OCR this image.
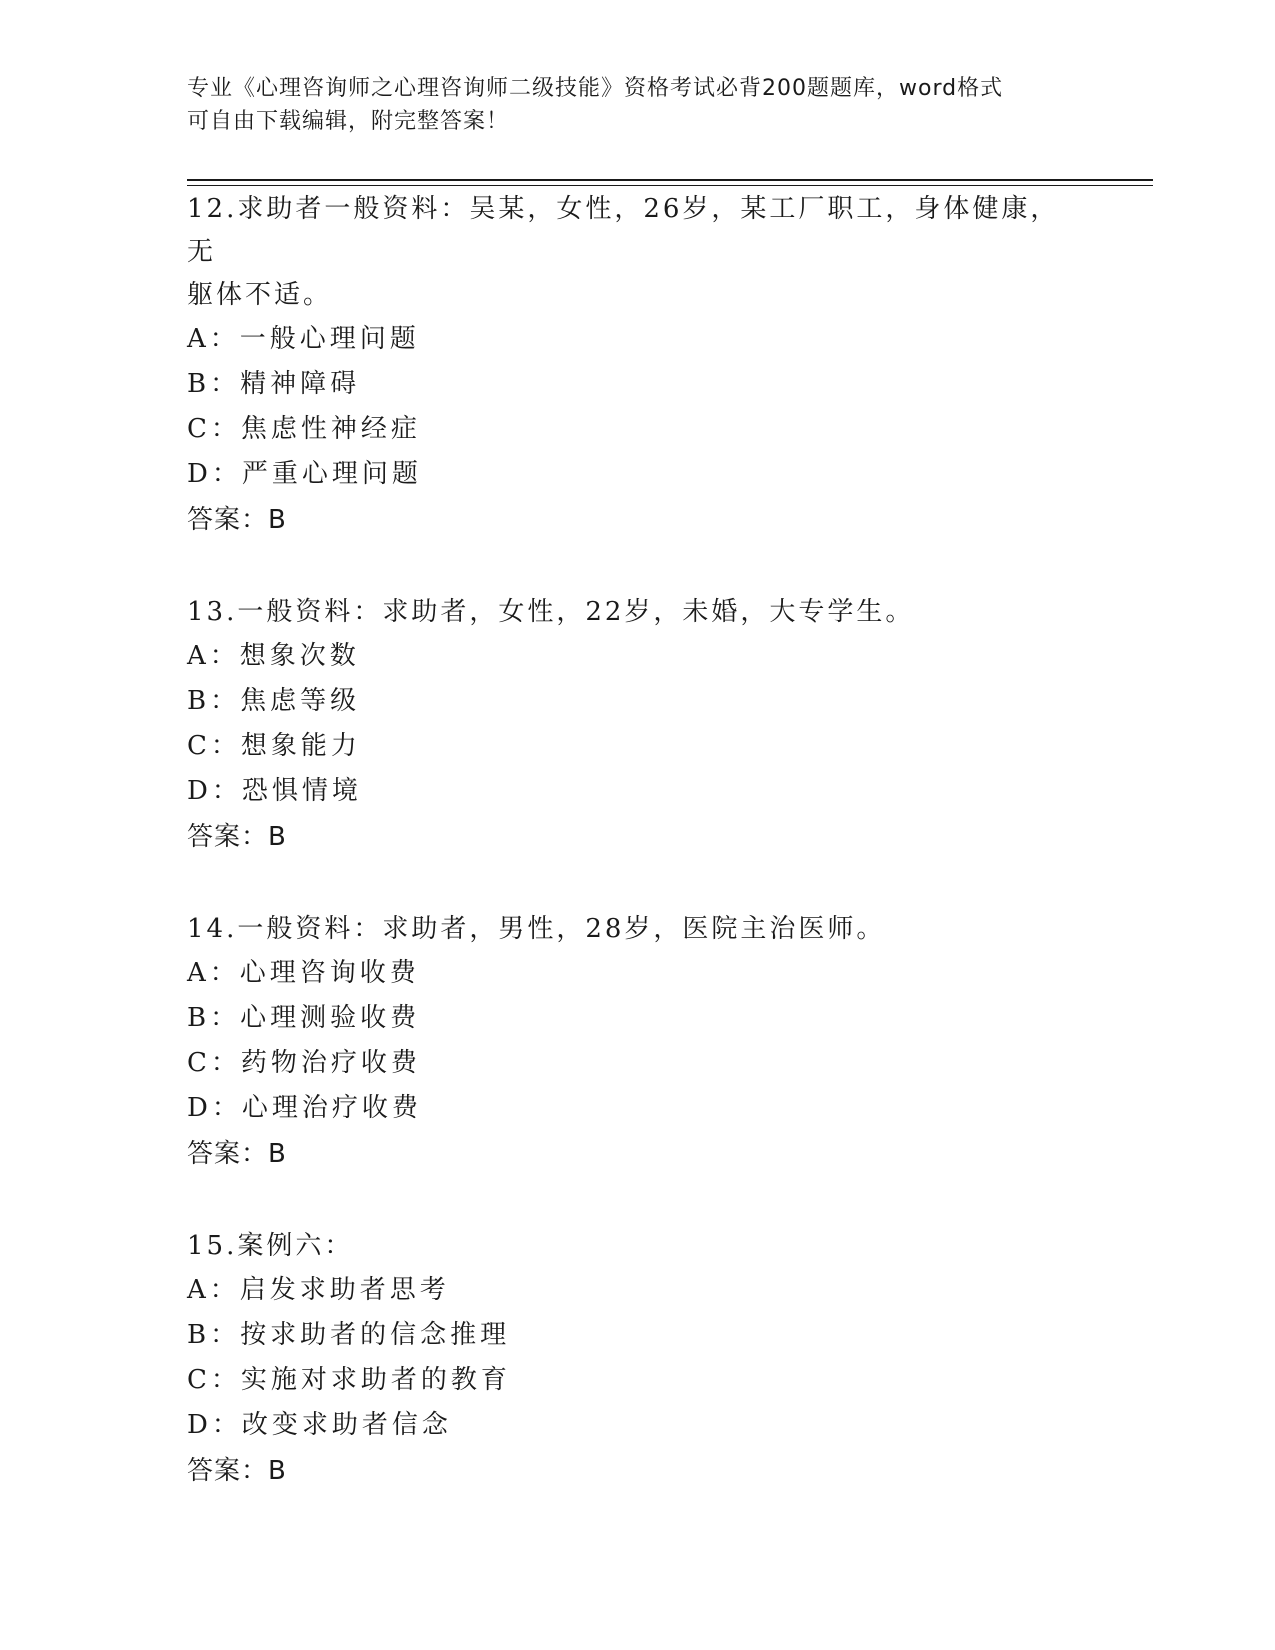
专业《心理咨询师之心理咨询师二级技能》资格考试必背200题题库，word格式
可自由下载编辑，附完整答案！
12.求助者一般资料：吴某，女性，26岁，某工厂职工，身体健康，无
躯体不适。
A：一般心理问题
B：精神障碍
C：焦虑性神经症
D：严重心理问题
答案：B
13.一般资料：求助者，女性，22岁，未婚，大专学生。
A：想象次数
B：焦虑等级
C：想象能力
D：恐惧情境
答案：B
14.一般资料：求助者，男性，28岁，医院主治医师。
A：心理咨询收费
B：心理测验收费
C：药物治疗收费
D：心理治疗收费
答案：B
15.案例六：
A：启发求助者思考
B：按求助者的信念推理
C：实施对求助者的教育
D：改变求助者信念
答案：B
